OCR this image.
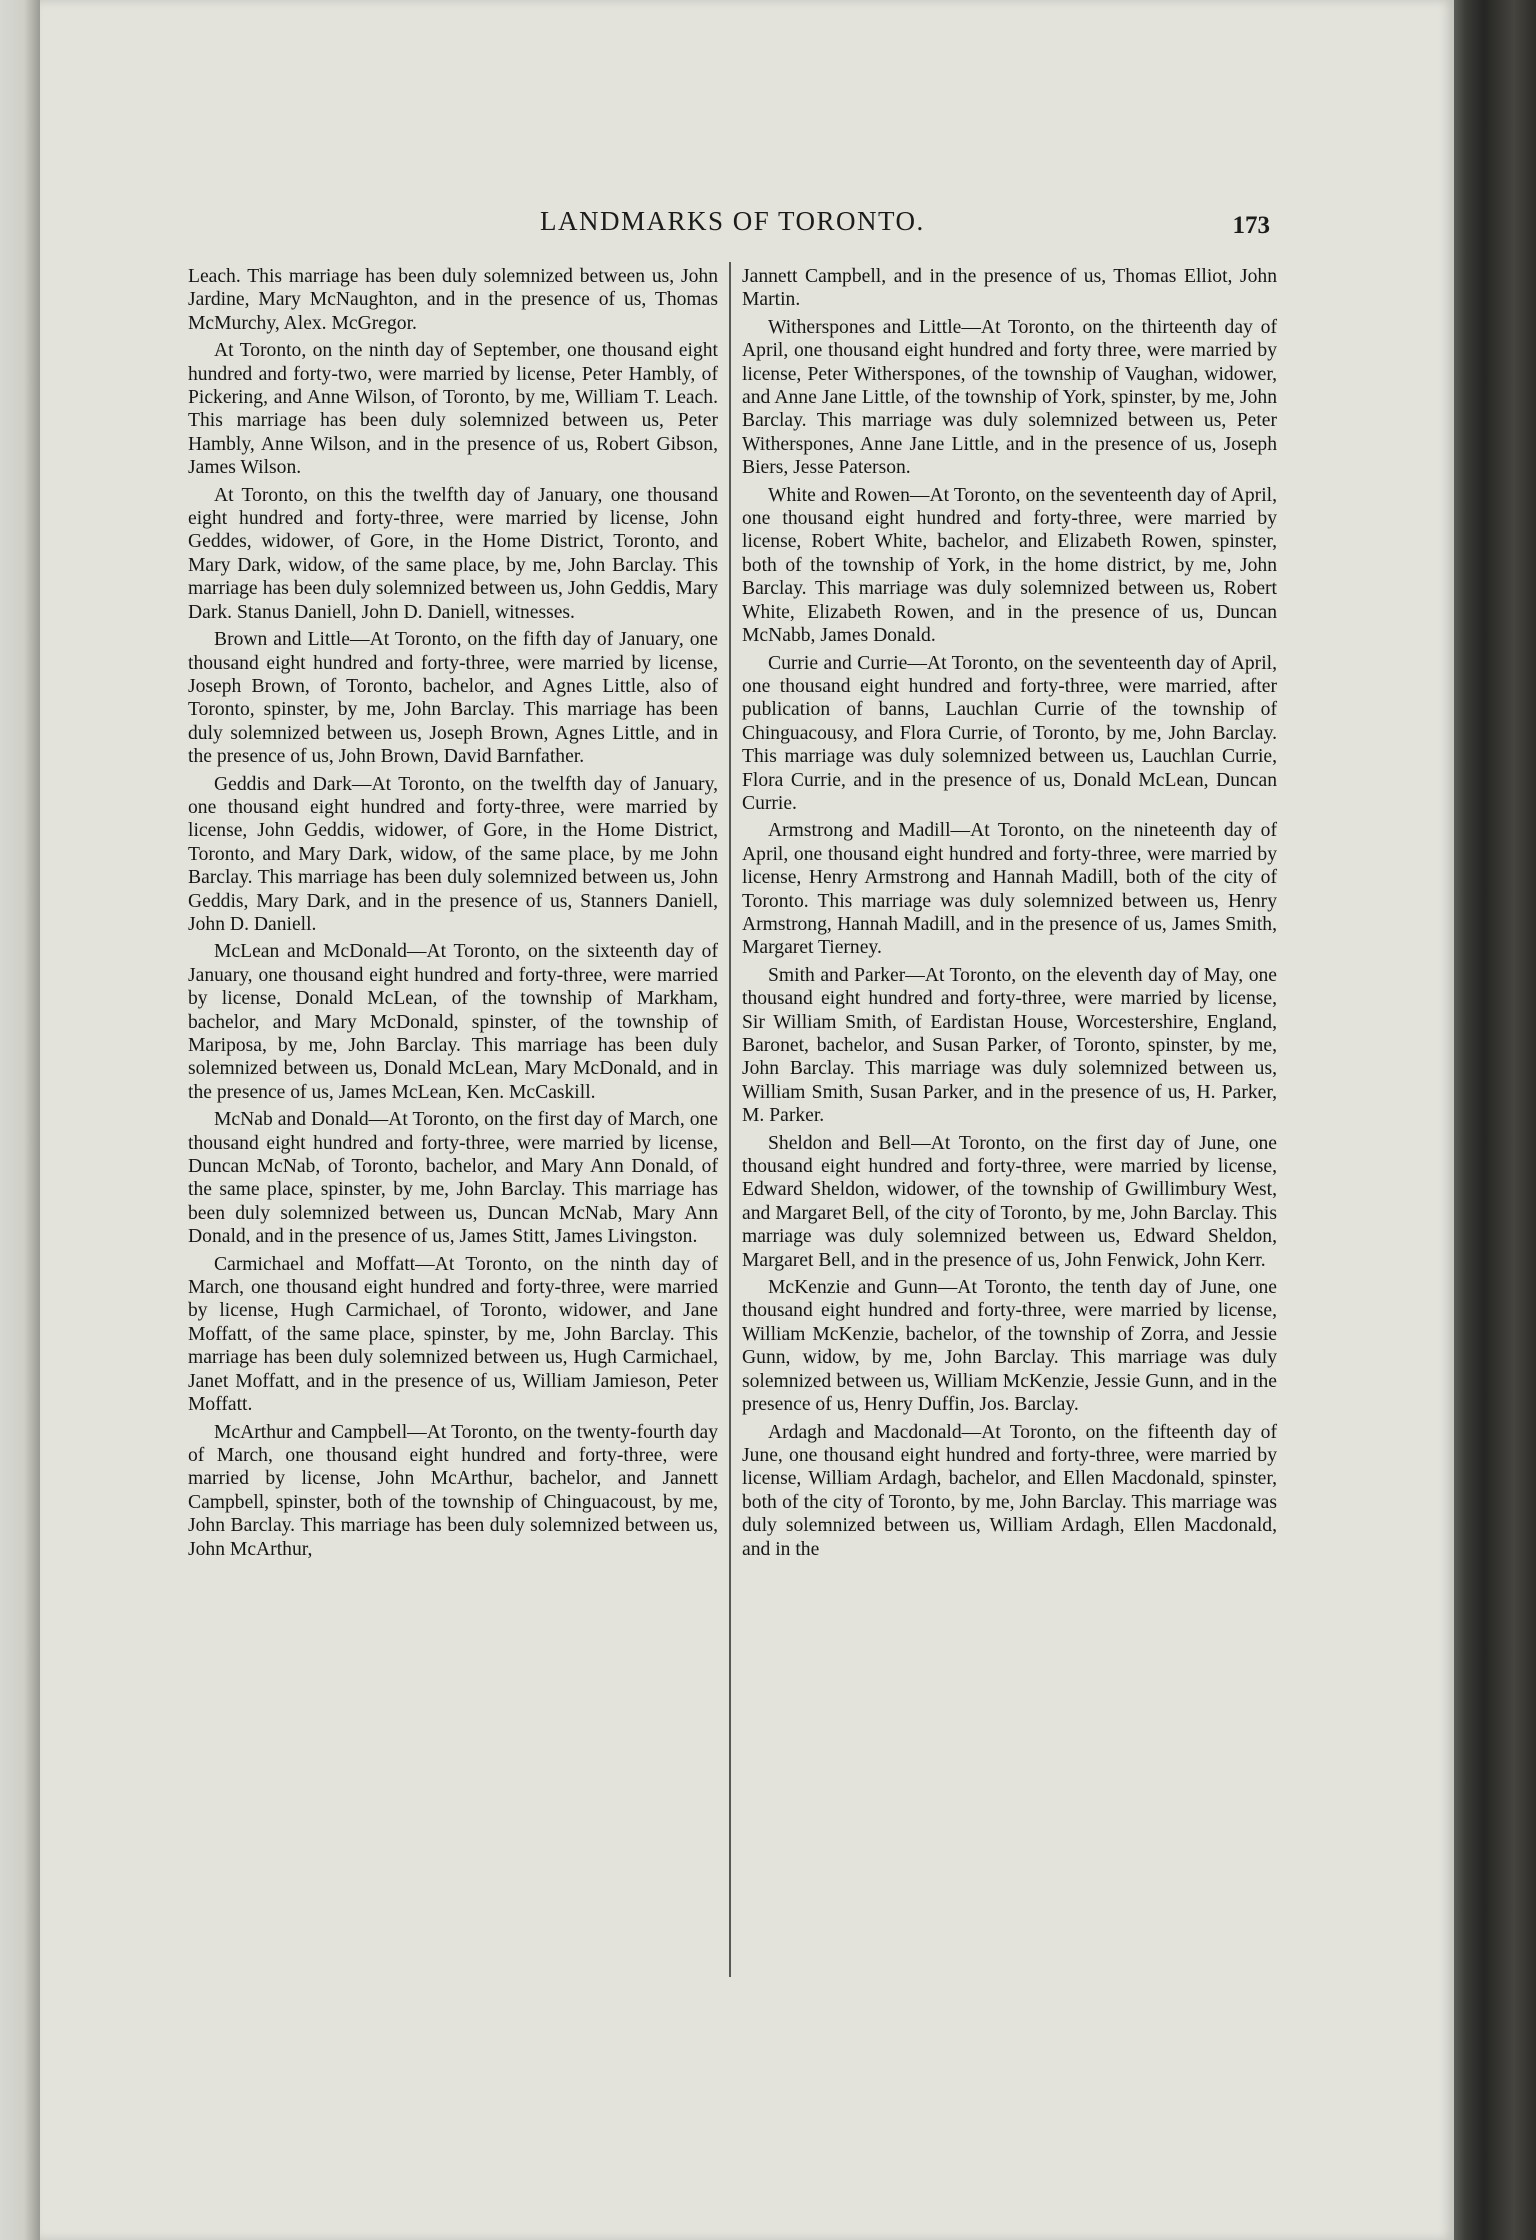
LANDMARKS OF TORONTO.	173

Leach. This marriage has been duly solemnized between us, John Jardine, Mary McNaughton, and in the presence of us, Thomas McMurchy, Alex. McGregor.

At Toronto, on the ninth day of September, one thousand eight hundred and forty-two, were married by license, Peter Hambly, of Pickering, and Anne Wilson, of Toronto, by me, William T. Leach. This marriage has been duly solemnized between us, Peter Hambly, Anne Wilson, and in the presence of us, Robert Gibson, James Wilson.

At Toronto, on this the twelfth day of January, one thousand eight hundred and forty-three, were married by license, John Geddes, widower, of Gore, in the Home District, Toronto, and Mary Dark, widow, of the same place, by me, John Barclay. This marriage has been duly solemnized between us, John Geddis, Mary Dark. Stanus Daniell, John D. Daniell, witnesses.

Brown and Little—At Toronto, on the fifth day of January, one thousand eight hundred and forty-three, were married by license, Joseph Brown, of Toronto, bachelor, and Agnes Little, also of Toronto, spinster, by me, John Barclay. This marriage has been duly solemnized between us, Joseph Brown, Agnes Little, and in the presence of us, John Brown, David Barnfather.

Geddis and Dark—At Toronto, on the twelfth day of January, one thousand eight hundred and forty-three, were married by license, John Geddis, widower, of Gore, in the Home District, Toronto, and Mary Dark, widow, of the same place, by me John Barclay. This marriage has been duly solemnized between us, John Geddis, Mary Dark, and in the presence of us, Stanners Daniell, John D. Daniell.

McLean and McDonald—At Toronto, on the sixteenth day of January, one thousand eight hundred and forty-three, were married by license, Donald McLean, of the township of Markham, bachelor, and Mary McDonald, spinster, of the township of Mariposa, by me, John Barclay. This marriage has been duly solemnized between us, Donald McLean, Mary McDonald, and in the presence of us, James McLean, Ken. McCaskill.

McNab and Donald—At Toronto, on the first day of March, one thousand eight hundred and forty-three, were married by license, Duncan McNab, of Toronto, bachelor, and Mary Ann Donald, of the same place, spinster, by me, John Barclay. This marriage has been duly solemnized between us, Duncan McNab, Mary Ann Donald, and in the presence of us, James Stitt, James Livingston.

Carmichael and Moffatt—At Toronto, on the ninth day of March, one thousand eight hundred and forty-three, were married by license, Hugh Carmichael, of Toronto, widower, and Jane Moffatt, of the same place, spinster, by me, John Barclay. This marriage has been duly solemnized between us, Hugh Carmichael, Janet Moffatt, and in the presence of us, William Jamieson, Peter Moffatt.

McArthur and Campbell—At Toronto, on the twenty-fourth day of March, one thousand eight hundred and forty-three, were married by license, John McArthur, bachelor, and Jannett Campbell, spinster, both of the township of Chinguacoust, by me, John Barclay. This marriage has been duly solemnized between us, John McArthur,

Jannett Campbell, and in the presence of us, Thomas Elliot, John Martin.

Witherspones and Little—At Toronto, on the thirteenth day of April, one thousand eight hundred and forty three, were married by license, Peter Witherspones, of the township of Vaughan, widower, and Anne Jane Little, of the township of York, spinster, by me, John Barclay. This marriage was duly solemnized between us, Peter Witherspones, Anne Jane Little, and in the presence of us, Joseph Biers, Jesse Paterson.

White and Rowen—At Toronto, on the seventeenth day of April, one thousand eight hundred and forty-three, were married by license, Robert White, bachelor, and Elizabeth Rowen, spinster, both of the township of York, in the home district, by me, John Barclay. This marriage was duly solemnized between us, Robert White, Elizabeth Rowen, and in the presence of us, Duncan McNabb, James Donald.

Currie and Currie—At Toronto, on the seventeenth day of April, one thousand eight hundred and forty-three, were married, after publication of banns, Lauchlan Currie of the township of Chinguacousy, and Flora Currie, of Toronto, by me, John Barclay. This marriage was duly solemnized between us, Lauchlan Currie, Flora Currie, and in the presence of us, Donald McLean, Duncan Currie.

Armstrong and Madill—At Toronto, on the nineteenth day of April, one thousand eight hundred and forty-three, were married by license, Henry Armstrong and Hannah Madill, both of the city of Toronto. This marriage was duly solemnized between us, Henry Armstrong, Hannah Madill, and in the presence of us, James Smith, Margaret Tierney.

Smith and Parker—At Toronto, on the eleventh day of May, one thousand eight hundred and forty-three, were married by license, Sir William Smith, of Eardistan House, Worcestershire, England, Baronet, bachelor, and Susan Parker, of Toronto, spinster, by me, John Barclay. This marriage was duly solemnized between us, William Smith, Susan Parker, and in the presence of us, H. Parker, M. Parker.

Sheldon and Bell—At Toronto, on the first day of June, one thousand eight hundred and forty-three, were married by license, Edward Sheldon, widower, of the township of Gwillimbury West, and Margaret Bell, of the city of Toronto, by me, John Barclay. This marriage was duly solemnized between us, Edward Sheldon, Margaret Bell, and in the presence of us, John Fenwick, John Kerr.

McKenzie and Gunn—At Toronto, the tenth day of June, one thousand eight hundred and forty-three, were married by license, William McKenzie, bachelor, of the township of Zorra, and Jessie Gunn, widow, by me, John Barclay. This marriage was duly solemnized between us, William McKenzie, Jessie Gunn, and in the presence of us, Henry Duffin, Jos. Barclay.

Ardagh and Macdonald—At Toronto, on the fifteenth day of June, one thousand eight hundred and forty-three, were married by license, William Ardagh, bachelor, and Ellen Macdonald, spinster, both of the city of Toronto, by me, John Barclay. This marriage was duly solemnized between us, William Ardagh, Ellen Macdonald, and in the
